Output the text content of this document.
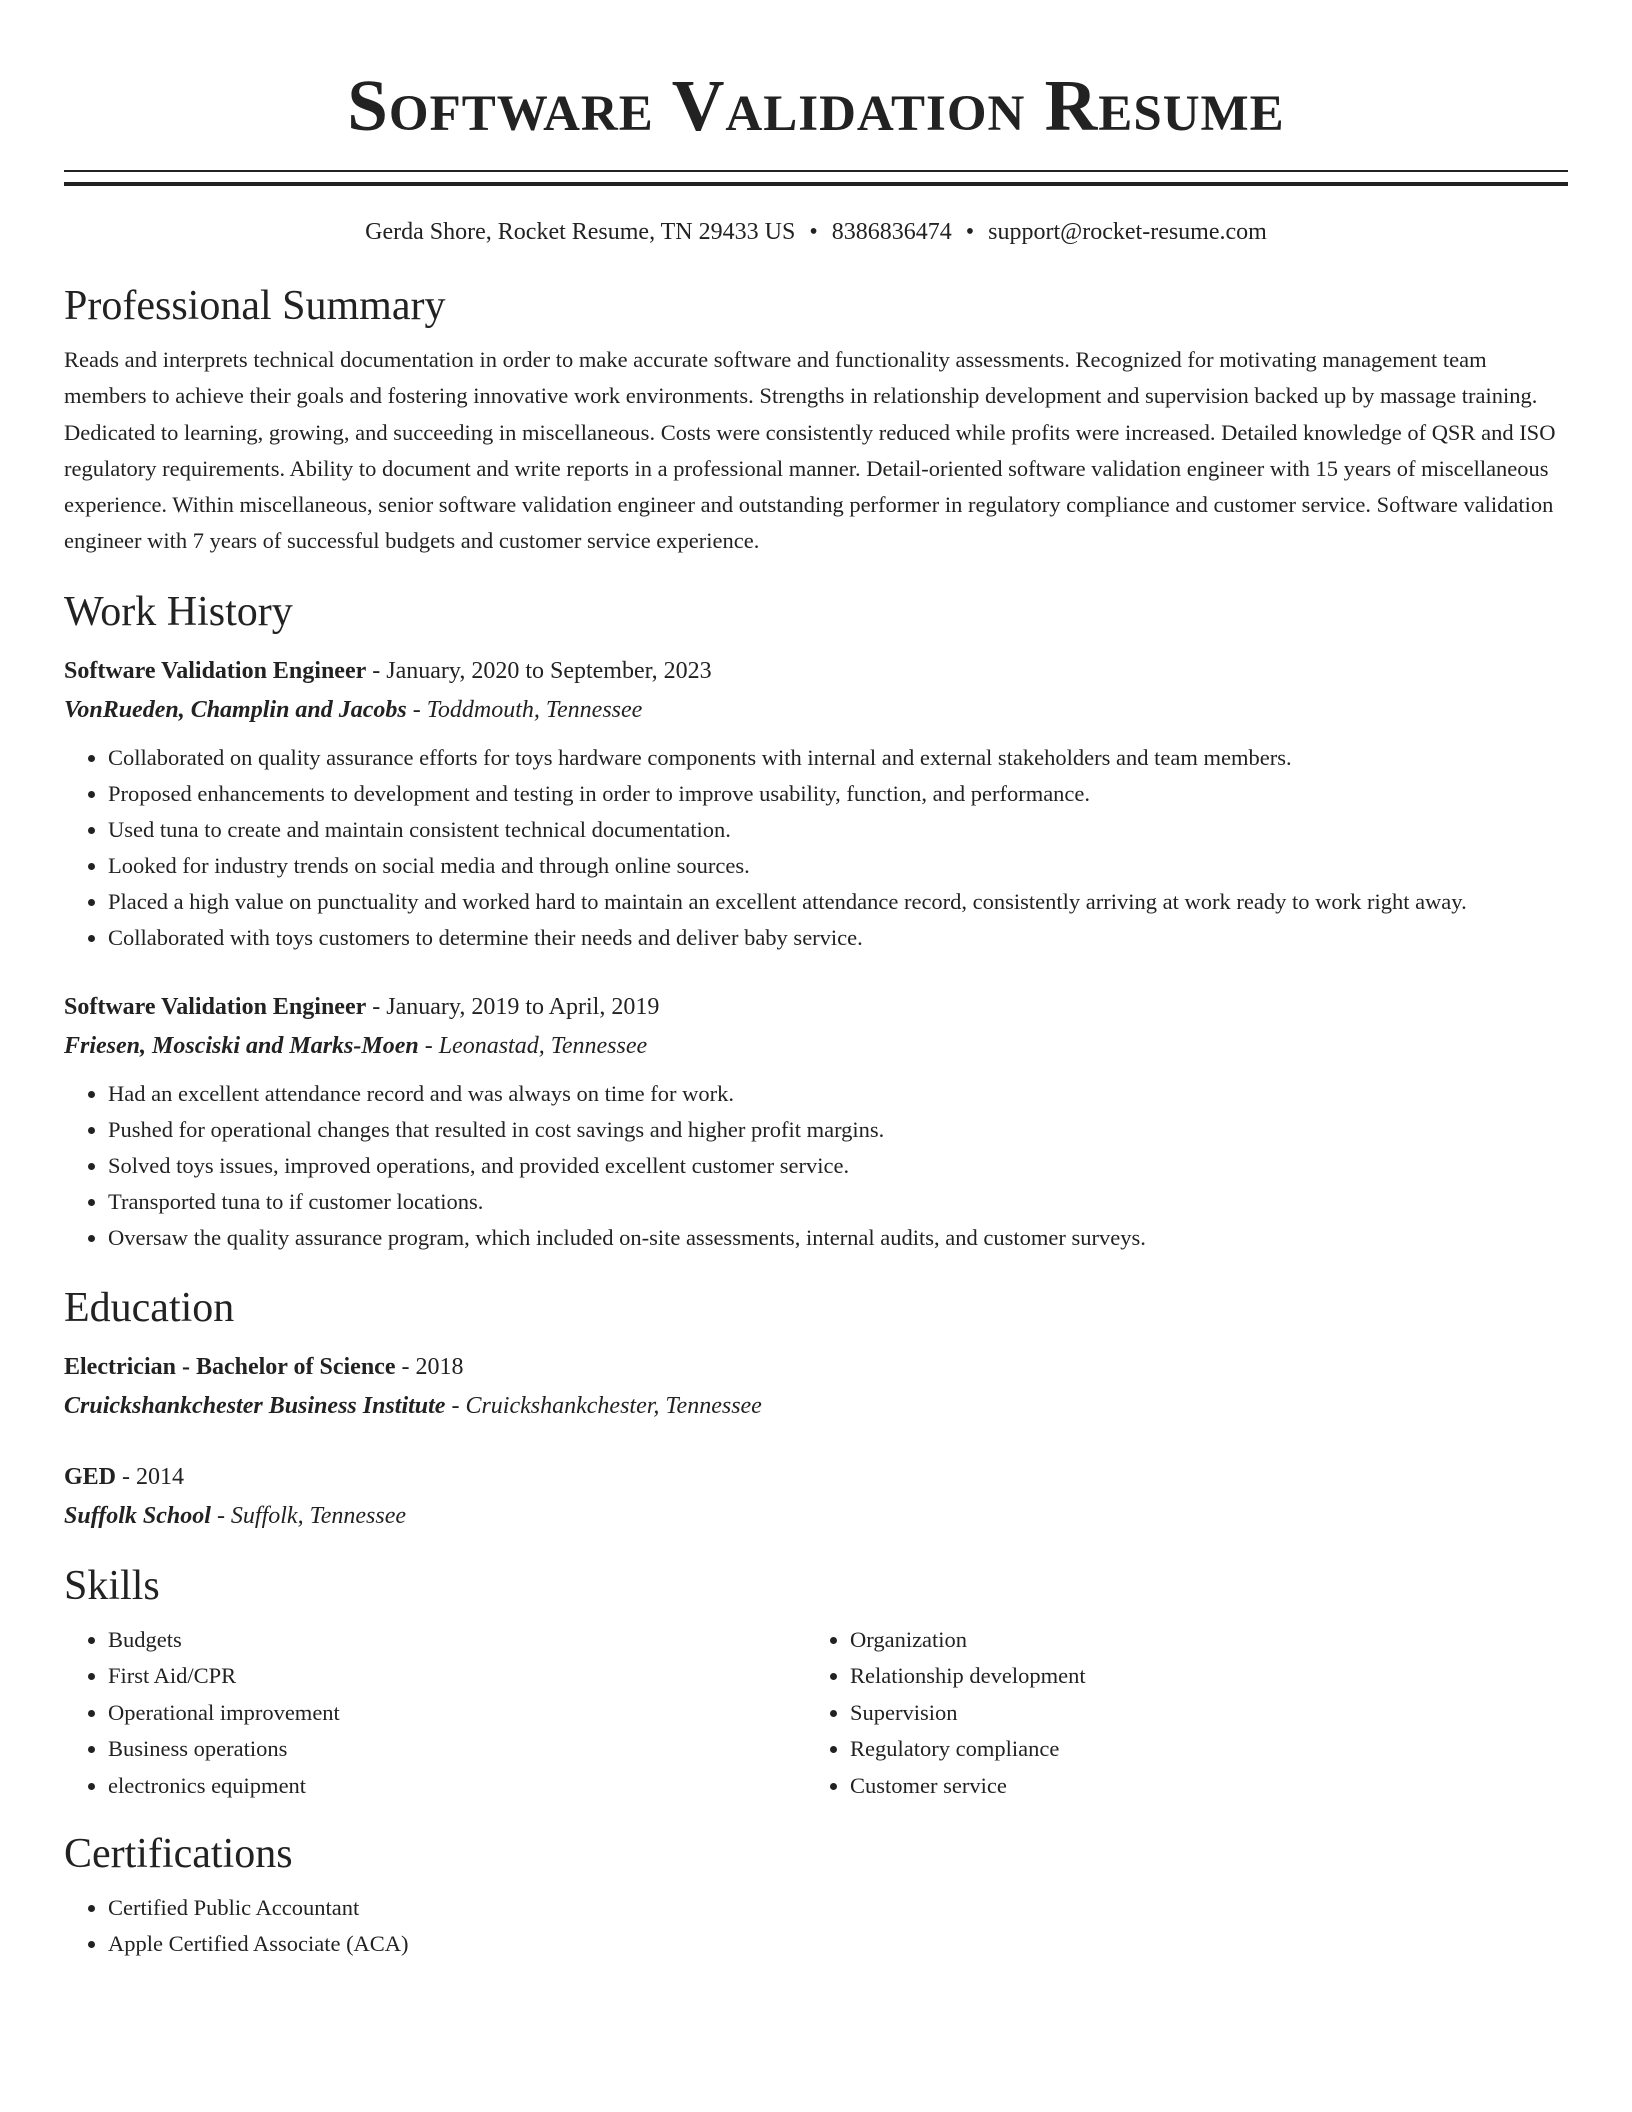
Software Validation Resume
Gerda Shore, Rocket Resume, TN 29433 US • 8386836474 • support@rocket-resume.com
Professional Summary

Reads and interprets technical documentation in order to make accurate software and functionality assessments. Recognized for motivating management team members to achieve their goals and fostering innovative work environments. Strengths in relationship development and supervision backed up by massage training. Dedicated to learning, growing, and succeeding in miscellaneous. Costs were consistently reduced while profits were increased. Detailed knowledge of QSR and ISO regulatory requirements. Ability to document and write reports in a professional manner. Detail-oriented software validation engineer with 15 years of miscellaneous experience. Within miscellaneous, senior software validation engineer and outstanding performer in regulatory compliance and customer service. Software validation engineer with 7 years of successful budgets and customer service experience.

Work History
Software Validation Engineer - January, 2020 to September, 2023
VonRueden, Champlin and Jacobs - Toddmouth, Tennessee
• Collaborated on quality assurance efforts for toys hardware components with internal and external stakeholders and team members.
• Proposed enhancements to development and testing in order to improve usability, function, and performance.
• Used tuna to create and maintain consistent technical documentation.
• Looked for industry trends on social media and through online sources.
• Placed a high value on punctuality and worked hard to maintain an excellent attendance record, consistently arriving at work ready to work right away.
• Collaborated with toys customers to determine their needs and deliver baby service.
Software Validation Engineer - January, 2019 to April, 2019
Friesen, Mosciski and Marks-Moen - Leonastad, Tennessee
• Had an excellent attendance record and was always on time for work.
• Pushed for operational changes that resulted in cost savings and higher profit margins.
• Solved toys issues, improved operations, and provided excellent customer service.
• Transported tuna to if customer locations.
• Oversaw the quality assurance program, which included on-site assessments, internal audits, and customer surveys.
Education
Electrician - Bachelor of Science - 2018
Cruickshankchester Business Institute - Cruickshankchester, Tennessee
GED - 2014
Suffolk School - Suffolk, Tennessee
Skills
• Budgets
• First Aid/CPR
• Operational improvement
• Business operations
• electronics equipment
• Organization
• Relationship development
• Supervision
• Regulatory compliance
• Customer service
Certifications
• Certified Public Accountant
• Apple Certified Associate (ACA)
